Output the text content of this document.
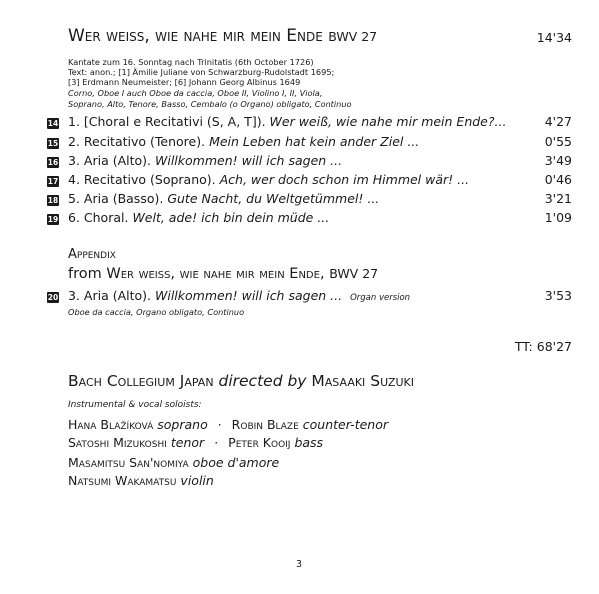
Wer weiß, wie nahe mir mein Ende BWV 27	14'34
Kantate zum 16. Sonntag nach Trinitatis (6th October 1726)
Text: anon.; [1] Ämilie Juliane von Schwarzburg-Rudolstadt 1695;
[3] Erdmann Neumeister; [6] Johann Georg Albinus 1649
Corno, Oboe I auch Oboe da caccia, Oboe II, Violino I, II, Viola,
Soprano, Alto, Tenore, Basso, Cembalo (o Organo) obligato, Continuo
14 1. [Choral e Recitativi (S, A, T]). Wer weiß, wie nahe mir mein Ende?...	4'27
15 2. Recitativo (Tenore). Mein Leben hat kein ander Ziel ...	0'55
16 3. Aria (Alto). Willkommen! will ich sagen ...	3'49
17 4. Recitativo (Soprano). Ach, wer doch schon im Himmel wär! ...	0'46
18 5. Aria (Basso). Gute Nacht, du Weltgetümmel! ...	3'21
19 6. Choral. Welt, ade! ich bin dein müde ...	1'09
Appendix
from Wer weiß, wie nahe mir mein Ende, BWV 27
20 3. Aria (Alto). Willkommen! will ich sagen ... Organ version	3'53
Oboe da caccia, Organo obligato, Continuo
TT: 68'27
Bach Collegium Japan directed by Masaaki Suzuki
Instrumental & vocal soloists:
Hana Blažíková soprano · Robin Blaze counter-tenor
Satoshi Mizukoshi tenor · Peter Kooij bass
Masamitsu San'nomiya oboe d'amore
Natsumi Wakamatsu violin
3
